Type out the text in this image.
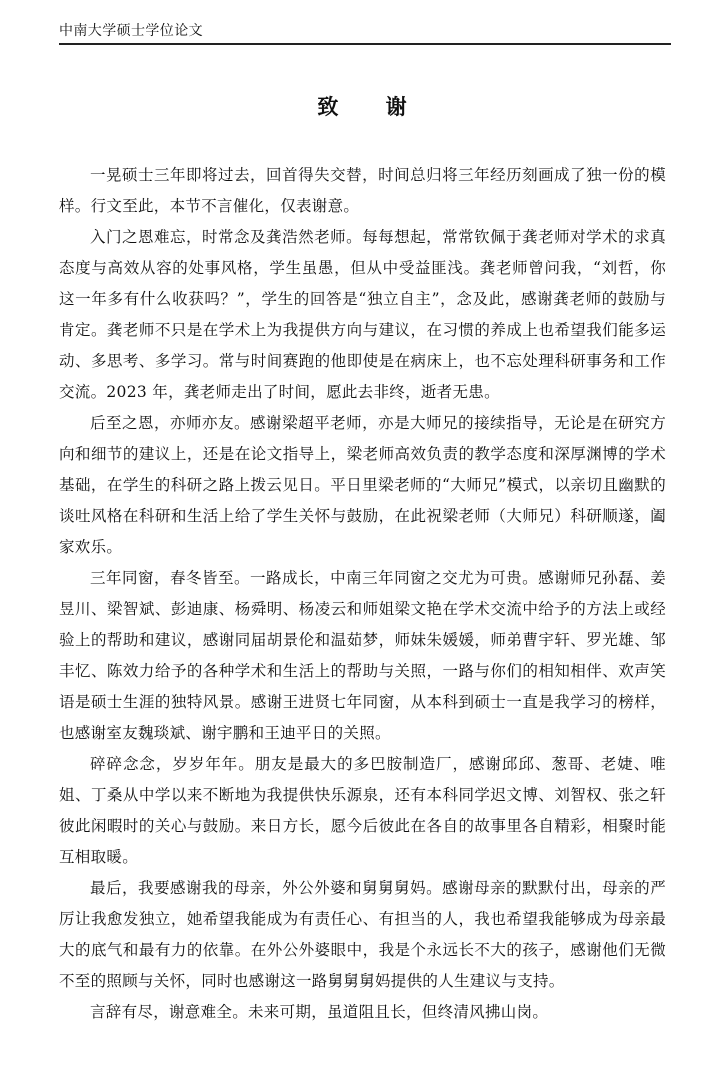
中南大学硕士学位论文
致 谢

一晃硕士三年即将过去，回首得失交替，时间总归将三年经历刻画成了独一份的模样。行文至此，本节不言催化，仅表谢意。

入门之恩难忘，时常念及龚浩然老师。每每想起，常常钦佩于龚老师对学术的求真态度与高效从容的处事风格，学生虽愚，但从中受益匪浅。龚老师曾问我，“刘哲，你这一年多有什么收获吗？”，学生的回答是“独立自主”，念及此，感谢龚老师的鼓励与肯定。龚老师不只是在学术上为我提供方向与建议，在习惯的养成上也希望我们能多运动、多思考、多学习。常与时间赛跑的他即使是在病床上，也不忘处理科研事务和工作交流。2023 年，龚老师走出了时间，愿此去非终，逝者无患。

后至之恩，亦师亦友。感谢梁超平老师，亦是大师兄的接续指导，无论是在研究方向和细节的建议上，还是在论文指导上，梁老师高效负责的教学态度和深厚渊博的学术基础，在学生的科研之路上拨云见日。平日里梁老师的“大师兄”模式，以亲切且幽默的谈吐风格在科研和生活上给了学生关怀与鼓励，在此祝梁老师（大师兄）科研顺遂，阖家欢乐。

三年同窗，春冬皆至。一路成长，中南三年同窗之交尤为可贵。感谢师兄孙磊、姜昱川、梁智斌、彭迪康、杨舜明、杨凌云和师姐梁文艳在学术交流中给予的方法上或经验上的帮助和建议，感谢同届胡景伦和温茹梦，师妹朱媛媛，师弟曹宇轩、罗光雄、邹丰忆、陈效力给予的各种学术和生活上的帮助与关照，一路与你们的相知相伴、欢声笑语是硕士生涯的独特风景。感谢王进贤七年同窗，从本科到硕士一直是我学习的榜样，也感谢室友魏琰斌、谢宇鹏和王迪平日的关照。

碎碎念念，岁岁年年。朋友是最大的多巴胺制造厂，感谢邱邱、葱哥、老婕、唯姐、丁桑从中学以来不断地为我提供快乐源泉，还有本科同学迟文博、刘智权、张之轩彼此闲暇时的关心与鼓励。来日方长，愿今后彼此在各自的故事里各自精彩，相聚时能互相取暖。

最后，我要感谢我的母亲，外公外婆和舅舅舅妈。感谢母亲的默默付出，母亲的严厉让我愈发独立，她希望我能成为有责任心、有担当的人，我也希望我能够成为母亲最大的底气和最有力的依靠。在外公外婆眼中，我是个永远长不大的孩子，感谢他们无微不至的照顾与关怀，同时也感谢这一路舅舅舅妈提供的人生建议与支持。

言辞有尽，谢意难全。未来可期，虽道阻且长，但终清风拂山岗。
